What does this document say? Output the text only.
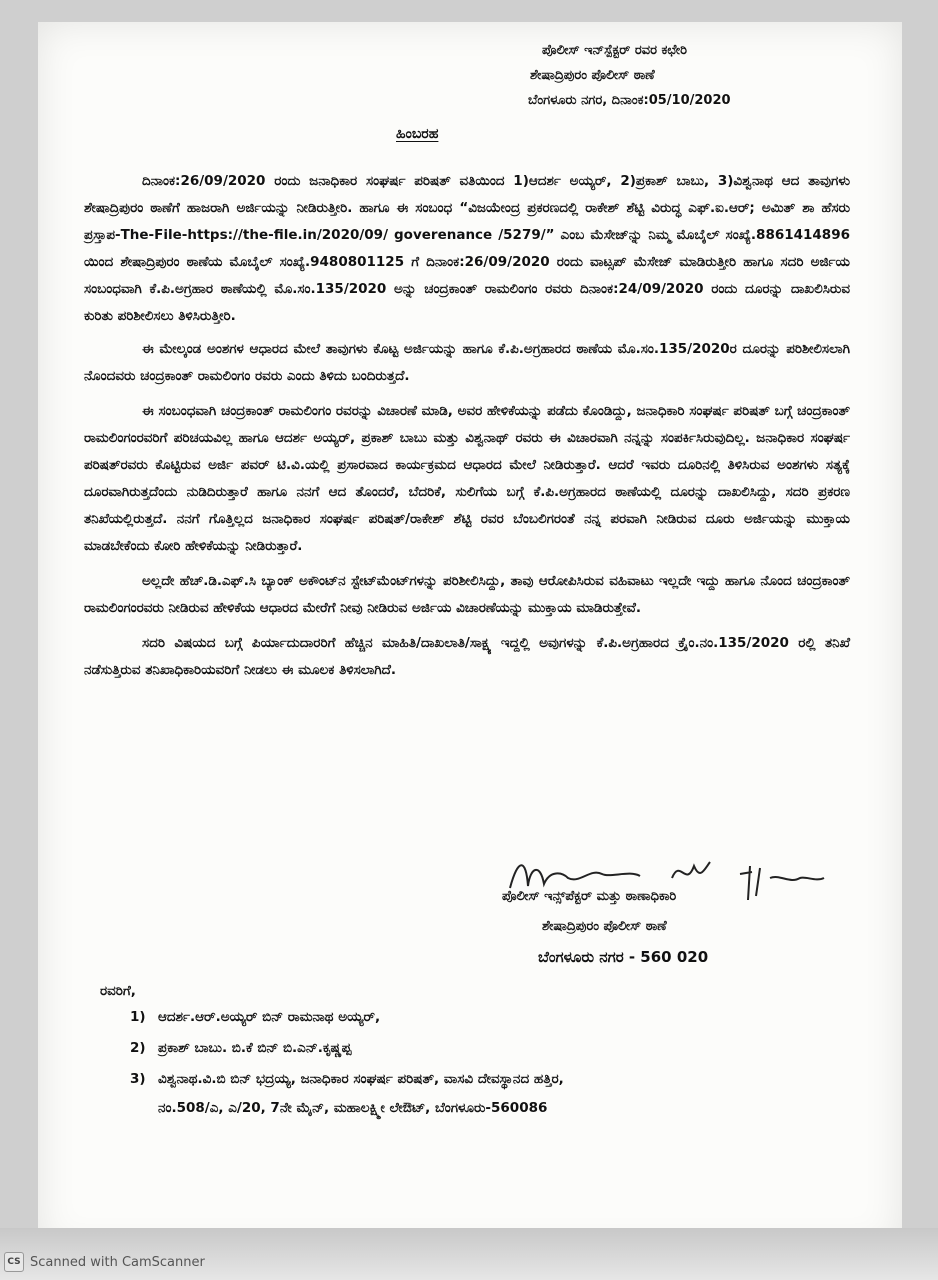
ಪೊಲೀಸ್ ಇನ್‌ಸ್ಪೆಕ್ಟರ್ ರವರ ಕಛೇರಿ
ಶೇಷಾದ್ರಿಪುರಂ ಪೊಲೀಸ್ ಠಾಣೆ
ಬೆಂಗಳೂರು ನಗರ, ದಿನಾಂಕ:05/10/2020
ಹಿಂಬರಹ

ದಿನಾಂಕ:26/09/2020 ರಂದು ಜನಾಧಿಕಾರ ಸಂಘರ್ಷ ಪರಿಷತ್ ವತಿಯಿಂದ 1)ಆದರ್ಶ ಅಯ್ಯರ್, 2)ಪ್ರಕಾಶ್ ಬಾಬು, 3)ವಿಶ್ವನಾಥ ಆದ ತಾವುಗಳು ಶೇಷಾದ್ರಿಪುರಂ ಠಾಣೆಗೆ ಹಾಜರಾಗಿ ಅರ್ಜಿಯನ್ನು ನೀಡಿರುತ್ತೀರಿ. ಹಾಗೂ ಈ ಸಂಬಂಧ “ವಿಜಯೇಂದ್ರ ಪ್ರಕರಣದಲ್ಲಿ ರಾಕೇಶ್ ಶೆಟ್ಟಿ ವಿರುದ್ಧ ಎಫ್.ಐ.ಆರ್; ಅಮಿತ್ ಶಾ ಹೆಸರು ಪ್ರಸ್ತಾಪ-The-File-https://the-file.in/2020/09/ goverenance /5279/” ಎಂಬ ಮೆಸೇಜ್‌ನ್ನು ನಿಮ್ಮ ಮೊಬೈಲ್ ಸಂಖ್ಯೆ.8861414896 ಯಿಂದ ಶೇಷಾದ್ರಿಪುರಂ ಠಾಣೆಯ ಮೊಬೈಲ್ ಸಂಖ್ಯೆ.9480801125 ಗೆ ದಿನಾಂಕ:26/09/2020 ರಂದು ವಾಟ್ಸಪ್ ಮೆಸೇಜ್ ಮಾಡಿರುತ್ತೀರಿ ಹಾಗೂ ಸದರಿ ಅರ್ಜಿಯ ಸಂಬಂಧವಾಗಿ ಕೆ.ಪಿ.ಅಗ್ರಹಾರ ಠಾಣೆಯಲ್ಲಿ ಮೊ.ಸಂ.135/2020 ಅನ್ನು ಚಂದ್ರಕಾಂತ್ ರಾಮಲಿಂಗಂ ರವರು ದಿನಾಂಕ:24/09/2020 ರಂದು ದೂರನ್ನು ದಾಖಲಿಸಿರುವ ಕುರಿತು ಪರಿಶೀಲಿಸಲು ತಿಳಿಸಿರುತ್ತೀರಿ.

ಈ ಮೇಲ್ಕಂಡ ಅಂಶಗಳ ಆಧಾರದ ಮೇಲೆ ತಾವುಗಳು ಕೊಟ್ಟ ಅರ್ಜಿಯನ್ನು ಹಾಗೂ ಕೆ.ಪಿ.ಅಗ್ರಹಾರದ ಠಾಣೆಯ ಮೊ.ಸಂ.135/2020ರ ದೂರನ್ನು ಪರಿಶೀಲಿಸಲಾಗಿ ನೊಂದವರು ಚಂದ್ರಕಾಂತ್ ರಾಮಲಿಂಗಂ ರವರು ಎಂದು ತಿಳಿದು ಬಂದಿರುತ್ತದೆ.

ಈ ಸಂಬಂಧವಾಗಿ ಚಂದ್ರಕಾಂತ್ ರಾಮಲಿಂಗಂ ರವರನ್ನು ವಿಚಾರಣೆ ಮಾಡಿ, ಅವರ ಹೇಳಿಕೆಯನ್ನು ಪಡೆದು ಕೊಂಡಿದ್ದು, ಜನಾಧಿಕಾರಿ ಸಂಘರ್ಷ ಪರಿಷತ್ ಬಗ್ಗೆ ಚಂದ್ರಕಾಂತ್ ರಾಮಲಿಂಗಂರವರಿಗೆ ಪರಿಚಯವಿಲ್ಲ ಹಾಗೂ ಆದರ್ಶ ಅಯ್ಯರ್, ಪ್ರಕಾಶ್ ಬಾಬು ಮತ್ತು ವಿಶ್ವನಾಥ್ ರವರು ಈ ವಿಚಾರವಾಗಿ ನನ್ನನ್ನು ಸಂಪರ್ಕಿಸಿರುವುದಿಲ್ಲ. ಜನಾಧಿಕಾರ ಸಂಘರ್ಷ ಪರಿಷತ್‌ರವರು ಕೊಟ್ಟಿರುವ ಅರ್ಜಿ ಪವರ್ ಟಿ.ವಿ.ಯಲ್ಲಿ ಪ್ರಸಾರವಾದ ಕಾರ್ಯಕ್ರಮದ ಆಧಾರದ ಮೇಲೆ ನೀಡಿರುತ್ತಾರೆ. ಆದರೆ ಇವರು ದೂರಿನಲ್ಲಿ ತಿಳಿಸಿರುವ ಅಂಶಗಳು ಸತ್ಯಕ್ಕೆ ದೂರವಾಗಿರುತ್ತದೆಂದು ನುಡಿದಿರುತ್ತಾರೆ ಹಾಗೂ ನನಗೆ ಆದ ತೊಂದರೆ, ಬೆದರಿಕೆ, ಸುಲಿಗೆಯ ಬಗ್ಗೆ ಕೆ.ಪಿ.ಅಗ್ರಹಾರದ ಠಾಣೆಯಲ್ಲಿ ದೂರನ್ನು ದಾಖಲಿಸಿದ್ದು, ಸದರಿ ಪ್ರಕರಣ ತನಿಖೆಯಲ್ಲಿರುತ್ತದೆ. ನನಗೆ ಗೊತ್ತಿಲ್ಲದ ಜನಾಧಿಕಾರ ಸಂಘರ್ಷ ಪರಿಷತ್/ರಾಕೇಶ್ ಶೆಟ್ಟಿ ರವರ ಬೆಂಬಲಿಗರಂತೆ ನನ್ನ ಪರವಾಗಿ ನೀಡಿರುವ ದೂರು ಅರ್ಜಿಯನ್ನು ಮುಕ್ತಾಯ ಮಾಡಬೇಕೆಂದು ಕೋರಿ ಹೇಳಿಕೆಯನ್ನು ನೀಡಿರುತ್ತಾರೆ.

ಅಲ್ಲದೇ ಹೆಚ್.ಡಿ.ಎಫ್.ಸಿ ಬ್ಯಾಂಕ್ ಅಕೌಂಟ್‌ನ ಸ್ಟೇಟ್‌ಮೆಂಟ್‌ಗಳನ್ನು ಪರಿಶೀಲಿಸಿದ್ದು, ತಾವು ಆರೋಪಿಸಿರುವ ವಹಿವಾಟು ಇಲ್ಲದೇ ಇದ್ದು ಹಾಗೂ ನೊಂದ ಚಂದ್ರಕಾಂತ್ ರಾಮಲಿಂಗಂರವರು ನೀಡಿರುವ ಹೇಳಿಕೆಯ ಆಧಾರದ ಮೇರೆಗೆ ನೀವು ನೀಡಿರುವ ಅರ್ಜಿಯ ವಿಚಾರಣೆಯನ್ನು ಮುಕ್ತಾಯ ಮಾಡಿರುತ್ತೇವೆ.

ಸದರಿ ವಿಷಯದ ಬಗ್ಗೆ ಪಿರ್ಯಾದುದಾರರಿಗೆ ಹೆಚ್ಚಿನ ಮಾಹಿತಿ/ದಾಖಲಾತಿ/ಸಾಕ್ಷ್ಯ ಇದ್ದಲ್ಲಿ ಅವುಗಳನ್ನು ಕೆ.ಪಿ.ಅಗ್ರಹಾರದ ಕ್ರೈಂ.ನಂ.135/2020 ರಲ್ಲಿ ತನಿಖೆ ನಡೆಸುತ್ತಿರುವ ತನಿಖಾಧಿಕಾರಿಯವರಿಗೆ ನೀಡಲು ಈ ಮೂಲಕ ತಿಳಿಸಲಾಗಿದೆ.

ಪೊಲೀಸ್ ಇನ್ಸ್‌ಪೆಕ್ಟರ್ ಮತ್ತು ಠಾಣಾಧಿಕಾರಿ
ಶೇಷಾದ್ರಿಪುರಂ ಪೊಲೀಸ್ ಠಾಣೆ
ಬೆಂಗಳೂರು ನಗರ - 560 020
ರವರಿಗೆ,
1) ಆದರ್ಶ.ಆರ್.ಅಯ್ಯರ್ ಬಿನ್ ರಾಮನಾಥ ಅಯ್ಯರ್,
2) ಪ್ರಕಾಶ್ ಬಾಬು. ಬಿ.ಕೆ ಬಿನ್ ಬಿ.ಎನ್.ಕೃಷ್ಣಪ್ಪ
3) ವಿಶ್ವನಾಥ.ವಿ.ಬಿ ಬಿನ್ ಭದ್ರಯ್ಯ, ಜನಾಧಿಕಾರ ಸಂಘರ್ಷ ಪರಿಷತ್, ವಾಸವಿ ದೇವಸ್ಥಾನದ ಹತ್ತಿರ,
ನಂ.508/ಎ, ಎ/20, 7ನೇ ಮೈನ್, ಮಹಾಲಕ್ಷ್ಮೀ ಲೇಔಟ್, ಬೆಂಗಳೂರು-560086
CS Scanned with CamScanner
